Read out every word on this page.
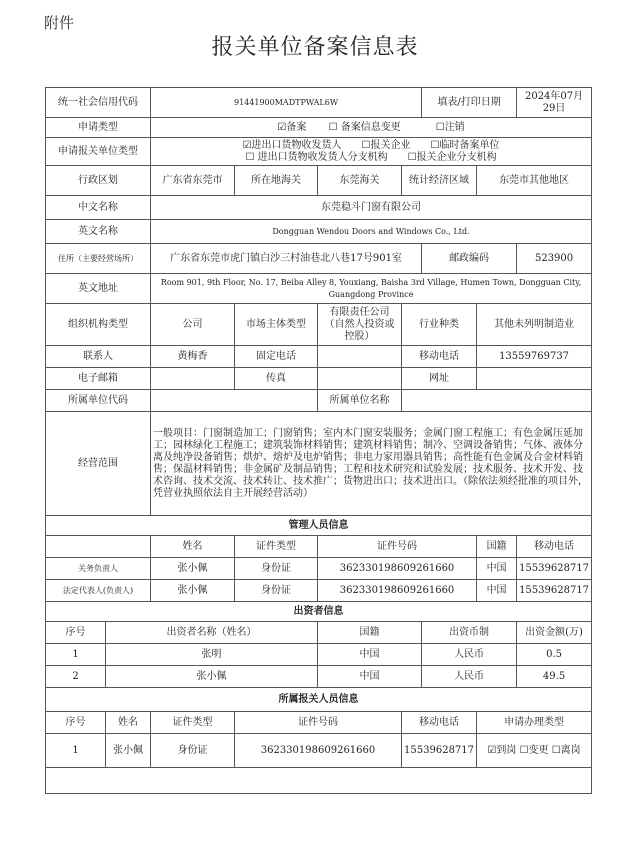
附件
报关单位备案信息表
统一社会信用代码		91441900MADTPWAL6W				填表/打印日期		2024年07月29日
申请类型		☑备案 ☐ 备案信息变更 ☐注销						
申请报关单位类型		☑进出口货物收发货人　　☐报关企业　　☐临时备案单位
☐ 进出口货物收发货人分支机构　　☐报关企业分支机构						

行政区划		广东省东莞市	所在地海关	东莞海关	统计经济区域		东莞市其他地区	
中文名称		东莞稳斗门窗有限公司						
英文名称		Dongguan Wendou Doors and Windows Co., Ltd.						
住所（主要经营场所）		广东省东莞市虎门镇白沙三村油巷北八巷17号901室				邮政编码		523900
英文地址		Room 901, 9th Floor, No. 17, Beiba Alley 8, Youxiang, Baisha 3rd Village, Humen Town, Dongguan City, Guangdong Province						
组织机构类型		公司	市场主体类型	有限责任公司（自然人投资或控股）	行业种类		其他未列明制造业	
联系人		黄梅香	固定电话		移动电话		13559769737	
电子邮箱			传真		网址			
所属单位代码				所属单位名称				
经营范围		一般项目：门窗制造加工；门窗销售；室内木门窗安装服务；金属门窗工程施工；有色金属压延加工；园林绿化工程施工；建筑装饰材料销售；建筑材料销售；制冷、空调设备销售；气体、液体分离及纯净设备销售；烘炉、熔炉及电炉销售；非电力家用器具销售；高性能有色金属及合金材料销售；保温材料销售；非金属矿及制品销售；工程和技术研究和试验发展；技术服务、技术开发、技术咨询、技术交流、技术转让、技术推广；货物进出口；技术进出口。（除依法须经批准的项目外，凭营业执照依法自主开展经营活动）						
管理人员信息								
		姓名	证件类型	证件号码			国籍	移动电话
关务负责人		张小佩	身份证	362330198609261660			中国	15539628717
法定代表人(负责人)		张小佩	身份证	362330198609261660			中国	15539628717
出资者信息								
序号	出资者名称（姓名）			国籍		出资币制		出资金额(万)
1	张明			中国		人民币		0.5
2	张小佩			中国		人民币		49.5
所属报关人员信息								
序号	姓名	证件类型	证件号码		移动电话		申请办理类型	
1	张小佩	身份证	362330198609261660		15539628717		☑到岗 ☐变更 ☐离岗	
